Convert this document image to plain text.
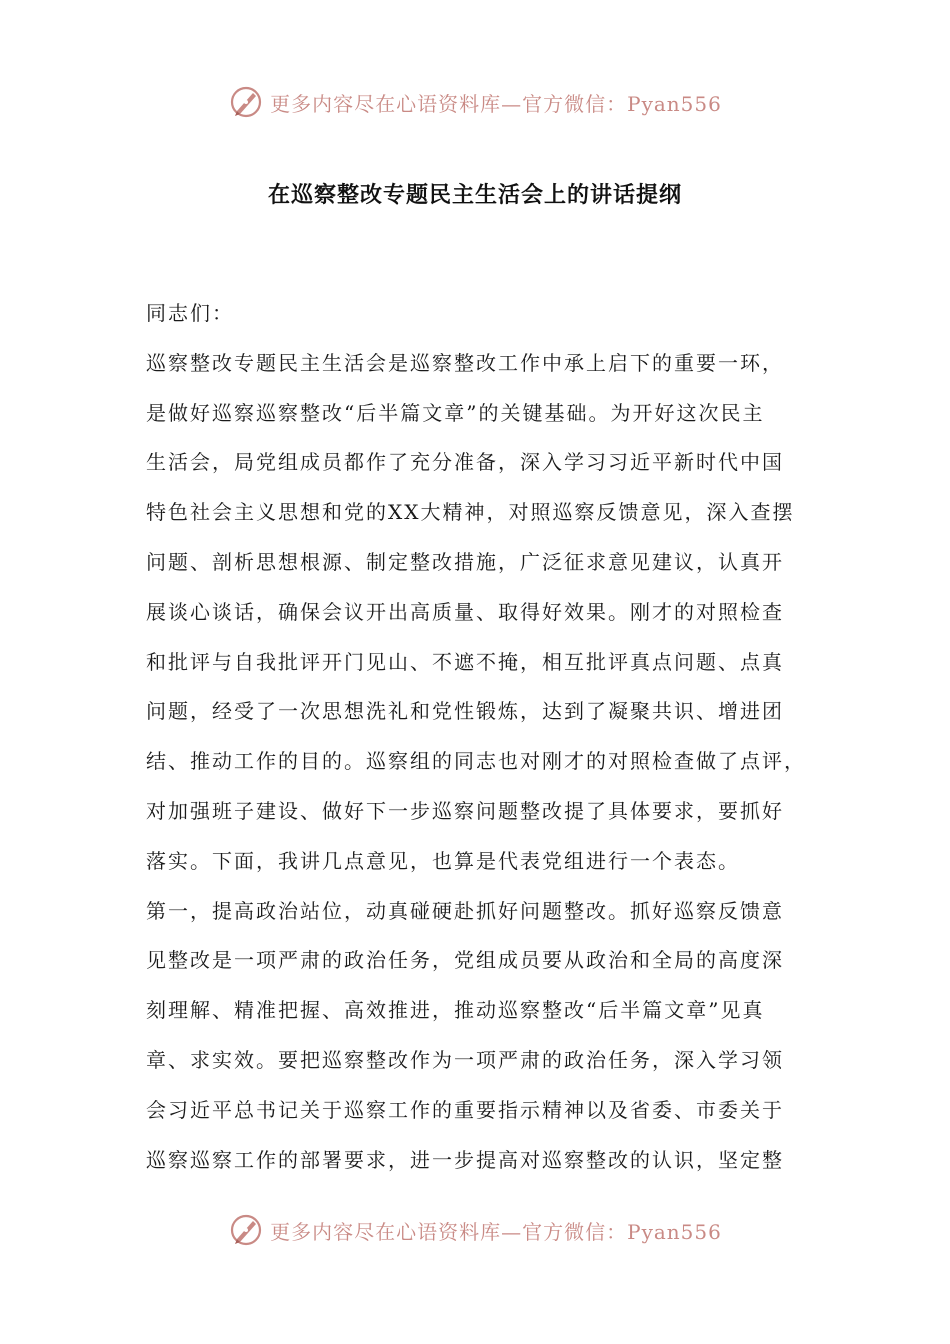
更多内容尽在心语资料库—官方微信：Pyan556
在巡察整改专题民主生活会上的讲话提纲
同志们：
巡察整改专题民主生活会是巡察整改工作中承上启下的重要一环，
是做好巡察巡察整改“后半篇文章”的关键基础。为开好这次民主
生活会，局党组成员都作了充分准备，深入学习习近平新时代中国
特色社会主义思想和党的XX大精神，对照巡察反馈意见，深入查摆
问题、剖析思想根源、制定整改措施，广泛征求意见建议，认真开
展谈心谈话，确保会议开出高质量、取得好效果。刚才的对照检查
和批评与自我批评开门见山、不遮不掩，相互批评真点问题、点真
问题，经受了一次思想洗礼和党性锻炼，达到了凝聚共识、增进团
结、推动工作的目的。巡察组的同志也对刚才的对照检查做了点评，
对加强班子建设、做好下一步巡察问题整改提了具体要求，要抓好
落实。下面，我讲几点意见，也算是代表党组进行一个表态。
第一，提高政治站位，动真碰硬赴抓好问题整改。抓好巡察反馈意
见整改是一项严肃的政治任务，党组成员要从政治和全局的高度深
刻理解、精准把握、高效推进，推动巡察整改“后半篇文章”见真
章、求实效。要把巡察整改作为一项严肃的政治任务，深入学习领
会习近平总书记关于巡察工作的重要指示精神以及省委、市委关于
巡察巡察工作的部署要求，进一步提高对巡察整改的认识，坚定整
更多内容尽在心语资料库—官方微信：Pyan556
